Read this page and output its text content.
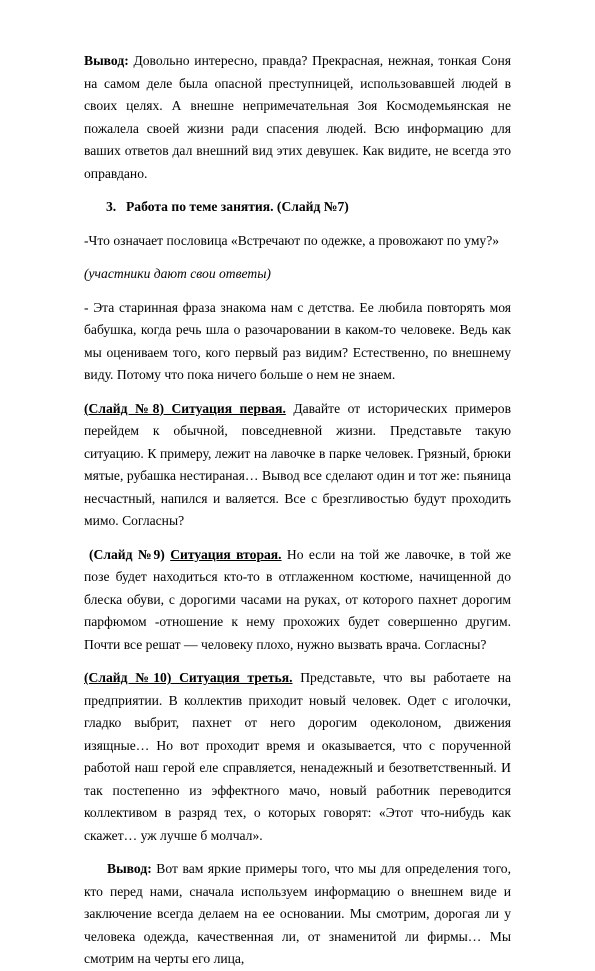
Вывод: Довольно интересно, правда? Прекрасная, нежная, тонкая Соня на самом деле была опасной преступницей, использовавшей людей в своих целях. А внешне непримечательная Зоя Космодемьянская не пожалела своей жизни ради спасения людей. Всю информацию для ваших ответов дал внешний вид этих девушек. Как видите, не всегда это оправдано.

3. Работа по теме занятия. (Слайд №7)

-Что означает пословица «Встречают по одежке, а провожают по уму?»

(участники дают свои ответы)

- Эта старинная фраза знакома нам с детства. Ее любила повторять моя бабушка, когда речь шла о разочаровании в каком-то человеке. Ведь как мы оцениваем того, кого первый раз видим? Естественно, по внешнему виду. Потому что пока ничего больше о нем не знаем.

(Слайд №8) Ситуация первая. Давайте от исторических примеров перейдем к обычной, повседневной жизни. Представьте такую ситуацию. К примеру, лежит на лавочке в парке человек. Грязный, брюки мятые, рубашка нестираная… Вывод все сделают один и тот же: пьяница несчастный, напился и валяется. Все с брезгливостью будут проходить мимо. Согласны?

(Слайд №9) Ситуация вторая. Но если на той же лавочке, в той же позе будет находиться кто-то в отглаженном костюме, начищенной до блеска обуви, с дорогими часами на руках, от которого пахнет дорогим парфюмом -отношение к нему прохожих будет совершенно другим. Почти все решат — человеку плохо, нужно вызвать врача. Согласны?

(Слайд №10) Ситуация третья. Представьте, что вы работаете на предприятии. В коллектив приходит новый человек. Одет с иголочки, гладко выбрит, пахнет от него дорогим одеколоном, движения изящные… Но вот проходит время и оказывается, что с порученной работой наш герой еле справляется, ненадежный и безответственный. И так постепенно из эффектного мачо, новый работник переводится коллективом в разряд тех, о которых говорят: «Этот что-нибудь как скажет… уж лучше б молчал».

Вывод: Вот вам яркие примеры того, что мы для определения того, кто перед нами, сначала используем информацию о внешнем виде и заключение всегда делаем на ее основании. Мы смотрим, дорогая ли у человека одежда, качественная ли, от знаменитой ли фирмы… Мы смотрим на черты его лица,
